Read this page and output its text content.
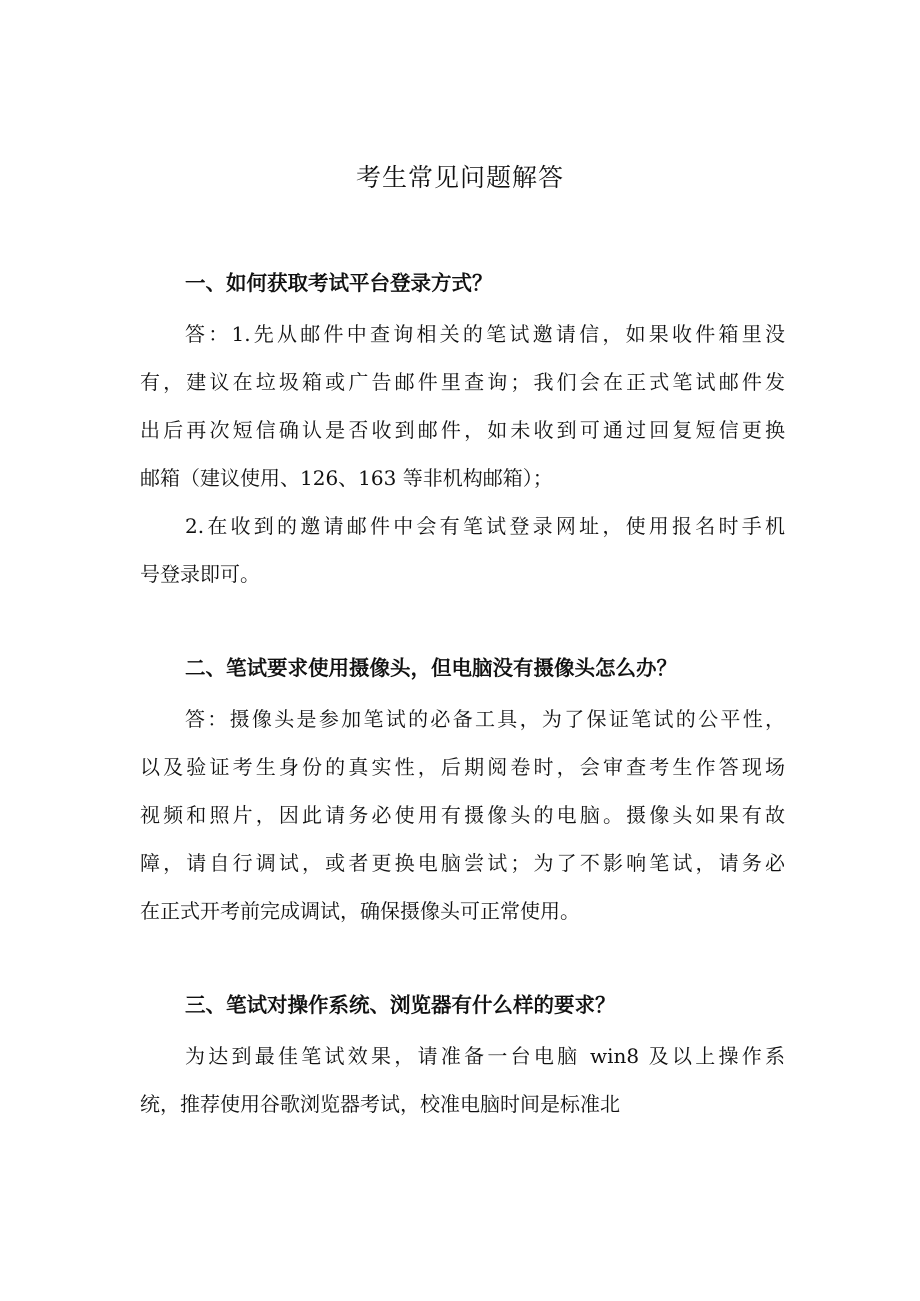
考生常见问题解答
一、如何获取考试平台登录方式？

答：1.先从邮件中查询相关的笔试邀请信，如果收件箱里没
有，建议在垃圾箱或广告邮件里查询；我们会在正式笔试邮件发
出后再次短信确认是否收到邮件，如未收到可通过回复短信更换
邮箱（建议使用、126、163 等非机构邮箱）；

2.在收到的邀请邮件中会有笔试登录网址，使用报名时手机
号登录即可。

二、笔试要求使用摄像头，但电脑没有摄像头怎么办？

答：摄像头是参加笔试的必备工具，为了保证笔试的公平性，
以及验证考生身份的真实性，后期阅卷时，会审查考生作答现场
视频和照片，因此请务必使用有摄像头的电脑。摄像头如果有故
障，请自行调试，或者更换电脑尝试；为了不影响笔试，请务必
在正式开考前完成调试，确保摄像头可正常使用。

三、笔试对操作系统、浏览器有什么样的要求？

为达到最佳笔试效果，请准备一台电脑 win8 及以上操作系
统，推荐使用谷歌浏览器考试，校准电脑时间是标准北
